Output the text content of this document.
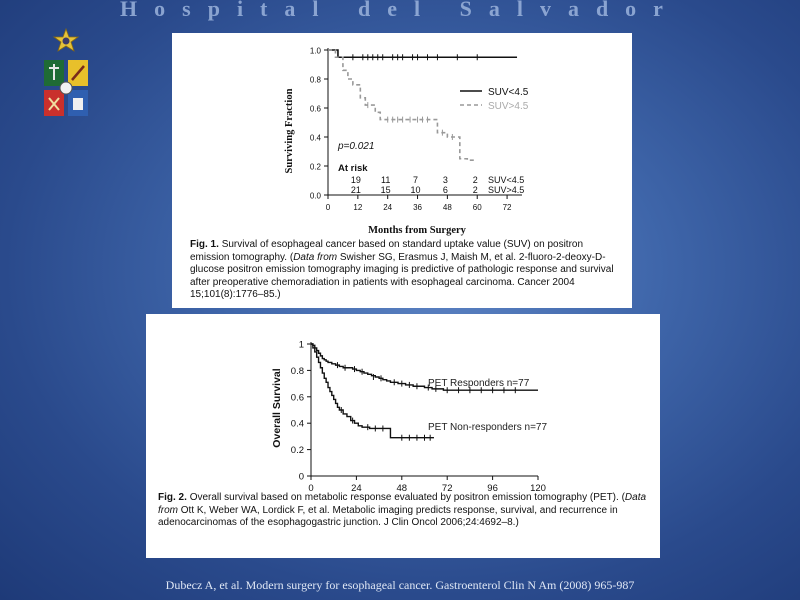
Hospital del Salvador
0.0
0.2
0.4
0.6
0.8
1.0
0	12	24	36	48	60	72
SUV<4.5
SUV>4.5
p=0.021
At risk
19 11	7	3	2 SUV<4.5
21 15 10 6	2 SUV>4.5
Months from Surgery
Surviving Fraction
Fig. 1. Survival of esophageal cancer based on standard uptake value (SUV) on positron emission tomography. (Data from Swisher SG, Erasmus J, Maish M, et al. 2-fluoro-2-deoxy-D-glucose positron emission tomography imaging is predictive of pathologic response and survival after preoperative chemoradiation in patients with esophageal carcinoma. Cancer 2004 15;101(8):1776–85.)
0
0.2
0.4
0.6
0.8
1
0	24	48	72	96	120
PET Responders n=77
PET Non-responders n=77
Overall Survival
Fig. 2. Overall survival based on metabolic response evaluated by positron emission tomography (PET). (Data from Ott K, Weber WA, Lordick F, et al. Metabolic imaging predicts response, survival, and recurrence in adenocarcinomas of the esophagogastric junction. J Clin Oncol 2006;24:4692–8.)
Dubecz A, et al. Modern surgery for esophageal cancer. Gastroenterol Clin N Am (2008) 965-987
